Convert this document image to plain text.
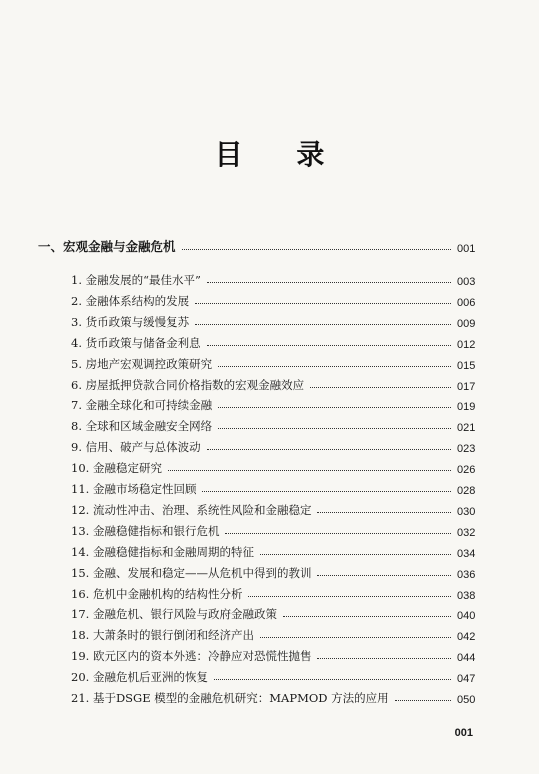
目 录
一、宏观金融与金融危机	001
1. 金融发展的“最佳水平”	003
2. 金融体系结构的发展	006
3. 货币政策与缓慢复苏	009
4. 货币政策与储备金利息	012
5. 房地产宏观调控政策研究	015
6. 房屋抵押贷款合同价格指数的宏观金融效应	017
7. 金融全球化和可持续金融	019
8. 全球和区域金融安全网络	021
9. 信用、破产与总体波动	023
10. 金融稳定研究	026
11. 金融市场稳定性回顾	028
12. 流动性冲击、治理、系统性风险和金融稳定	030
13. 金融稳健指标和银行危机	032
14. 金融稳健指标和金融周期的特征	034
15. 金融、发展和稳定——从危机中得到的教训	036
16. 危机中金融机构的结构性分析	038
17. 金融危机、银行风险与政府金融政策	040
18. 大萧条时的银行倒闭和经济产出	042
19. 欧元区内的资本外逃：冷静应对恐慌性抛售	044
20. 金融危机后亚洲的恢复	047
21. 基于DSGE 模型的金融危机研究：MAPMOD 方法的应用	050
001
